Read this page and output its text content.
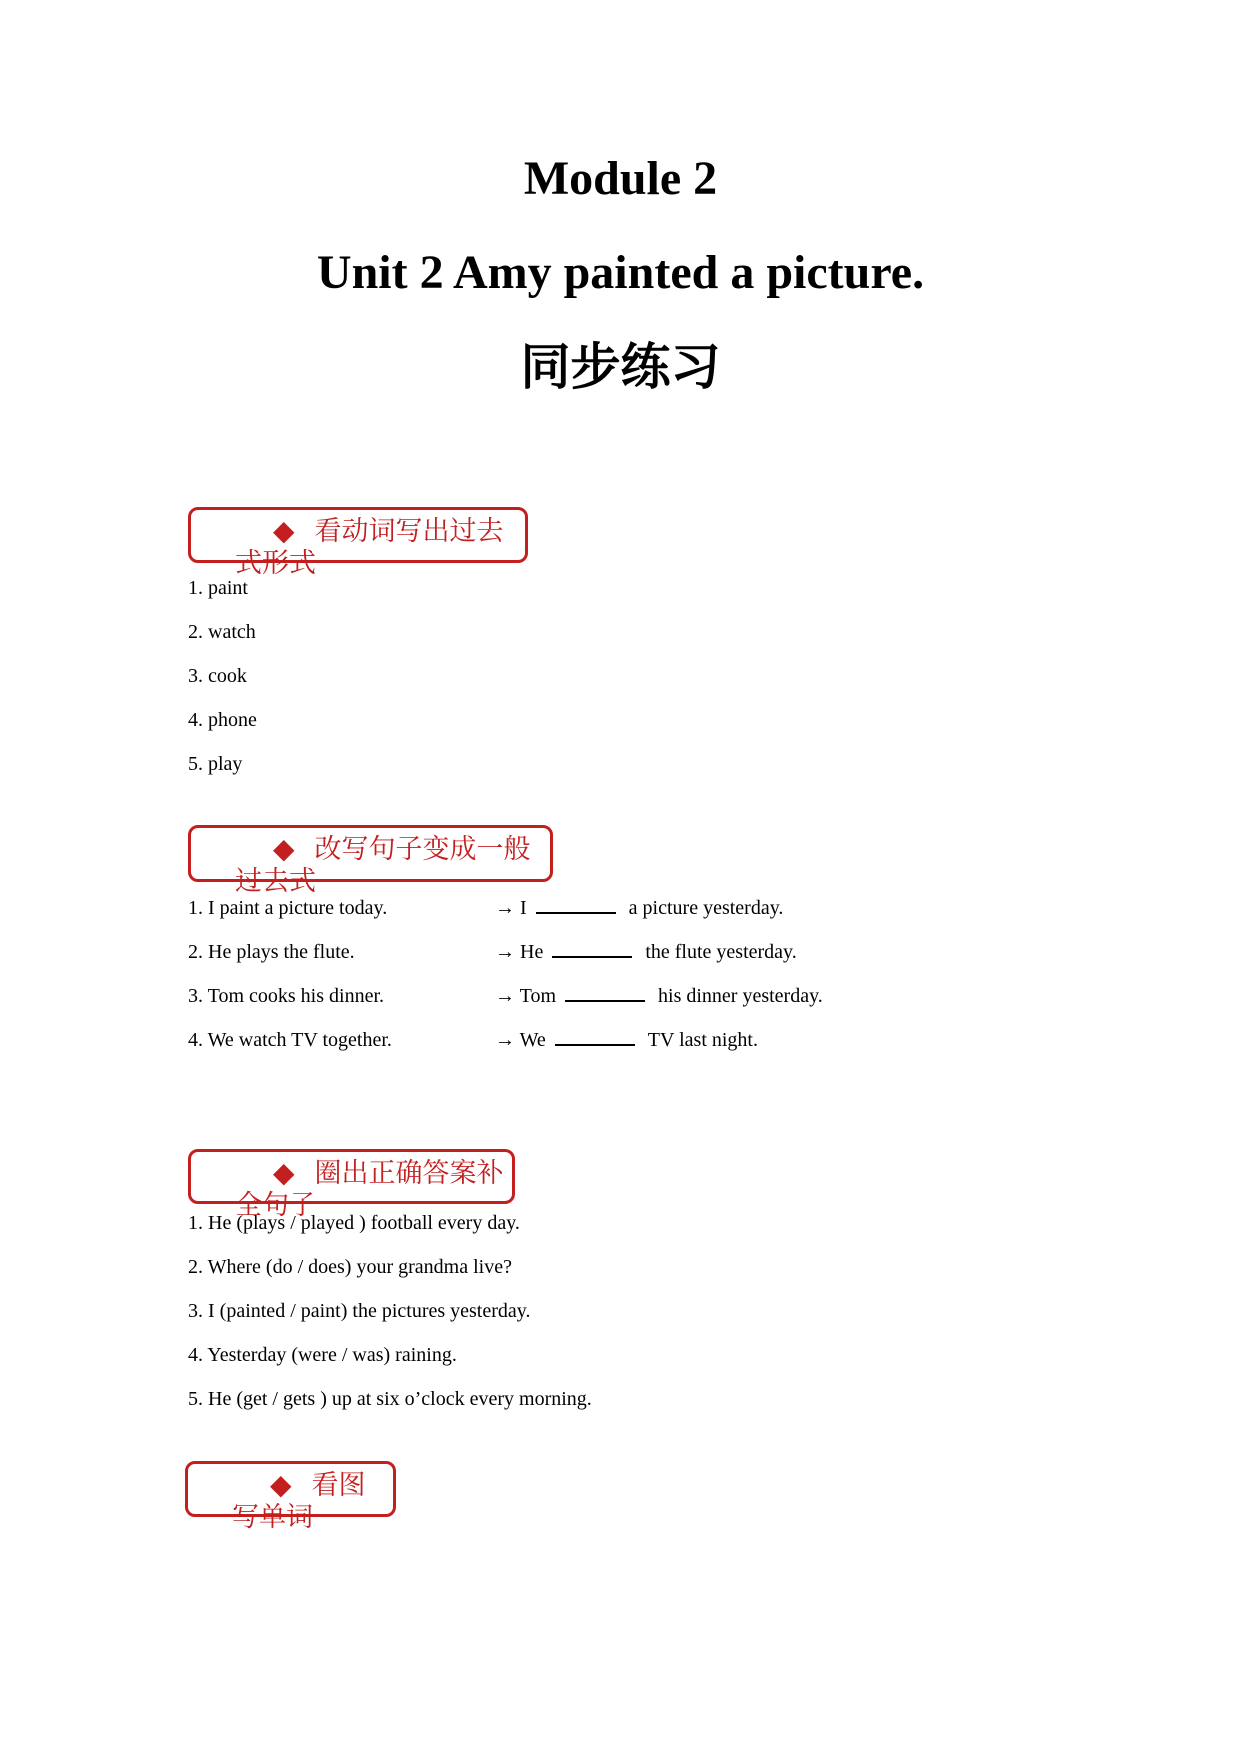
Module 2
Unit 2 Amy painted a picture.
同步练习
◆ 看动词写出过去
式形式
1. paint
2. watch
3. cook
4. phone
5. play
◆ 改写句子变成一般
过去式
1. I paint a picture today.	→ I	a picture yesterday.
2. He plays the flute.	→ He	the flute yesterday.
3. Tom cooks his dinner.	→ Tom	his dinner yesterday.
4. We watch TV together.	→ We	TV last night.
◆ 圈出正确答案补
全句子
1. He (plays / played ) football every day.
2. Where (do / does) your grandma live?
3. I (painted / paint) the pictures yesterday.
4. Yesterday (were / was) raining.
5. He (get / gets ) up at six o’clock every morning.
◆ 看图
写单词
